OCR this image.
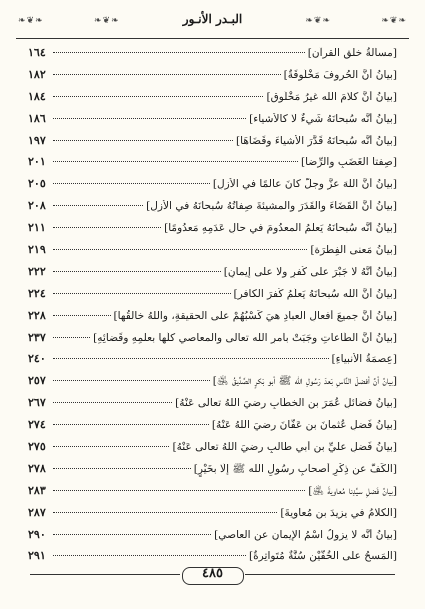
❧❦❧	❧❦❧	البـدر الأنـور	❧❦❧	❧❦❧
[مسألةُ خلقِ القرآن]
١٦٤
[بيانُ أنَّ الحُروفَ مَخْلُوقَةٌ]
١٨٢
[بيانُ أنَّ كلامَ الله غيرُ مَخْلُوقٍ]
١٨٤
[بيانُ أنَّه سُبحانَهُ شَيءٌ لا كالأشياء]
١٨٦
[بيانُ أنَّه سُبحانَهُ قَدَّرَ الأشياءَ وقَضَاهَا]
١٩٧
[صِفتا الغَضَبِ والرِّضا]
٢٠١
[بيانُ أنَّ اللهَ عزَّ وجلَّ كانَ عالمًا في الأزلِ]
٢٠٥
[بيانُ أنَّ القَضَاءَ والقَدَرَ والمشيئةَ صِفاتُهُ سُبحانَهُ في الأزلِ]
٢٠٨
[بيانُ أنَّه سُبحانَهُ يَعلمُ المعدُومَ في حالِ عَدَمِهِ مَعدُومًا]
٢١١
[بيانُ مَعنى الفِطرَة]
٢١٩
[بيانُ أنَّهُ لا جَبْرَ على كُفرٍ ولا على إيمانٍ]
٢٢٢
[بيانُ أنَّ الله سُبحانَهُ يَعلَمُ كُفرَ الكافرِ]
٢٢٤
[بيانُ أنَّ جميعَ أفعالِ العبادِ هيَ كَسْبُهُمْ على الحقيقةِ، واللهُ خالقُها]
٢٢٨
[بيانُ أنَّ الطَّاعاتِ وجَبَتْ بأمرِ الله تعالى والمعاصي كلُّها بعلمِهِ وقَضائِهِ]
٢٣٧
[عِصمَةُ الأنبياءِ]
٢٤٠
[بيانُ أنَّ أفضلَ النَّاسِ بَعدَ رَسُولِ الله ﷺ أبو بَكرٍ الصِّدِّيقُ ﵁]
٢٥٧
[بيانُ فضائلِ عُمَرَ بنِ الخطَّابِ رضيَ اللهُ تعالى عَنْهُ]
٢٦٧
[بيانُ فَضلِ عُثمانَ بنِ عَفَّانَ رضيَ اللهُ عَنْهُ]
٢٧٤
[بيانُ فَضلِ عليِّ بنِ أبي طالبٍ رضيَ اللهُ تعالى عَنْهُ]
٢٧٥
[الكَفُّ عن ذِكْرِ أصحابِ رسُولِ الله ﷺ إلَّا بخَيْرٍ]
٢٧٨
[بيانُ فَضلِ سيِّدِنا مُعاويةَ ﵁]
٢٨٣
[الكلامُ في يزيدَ بنِ مُعاويةَ]
٢٨٧
[بيانُ أنَّه لا يزولُ اسْمُ الإيمانِ عنِ العاصي]
٢٩٠
[المَسحُ على الخُفَّيْنِ سُنَّةٌ مُتَواتِرةٌ]
٢٩١
٤٨٥
